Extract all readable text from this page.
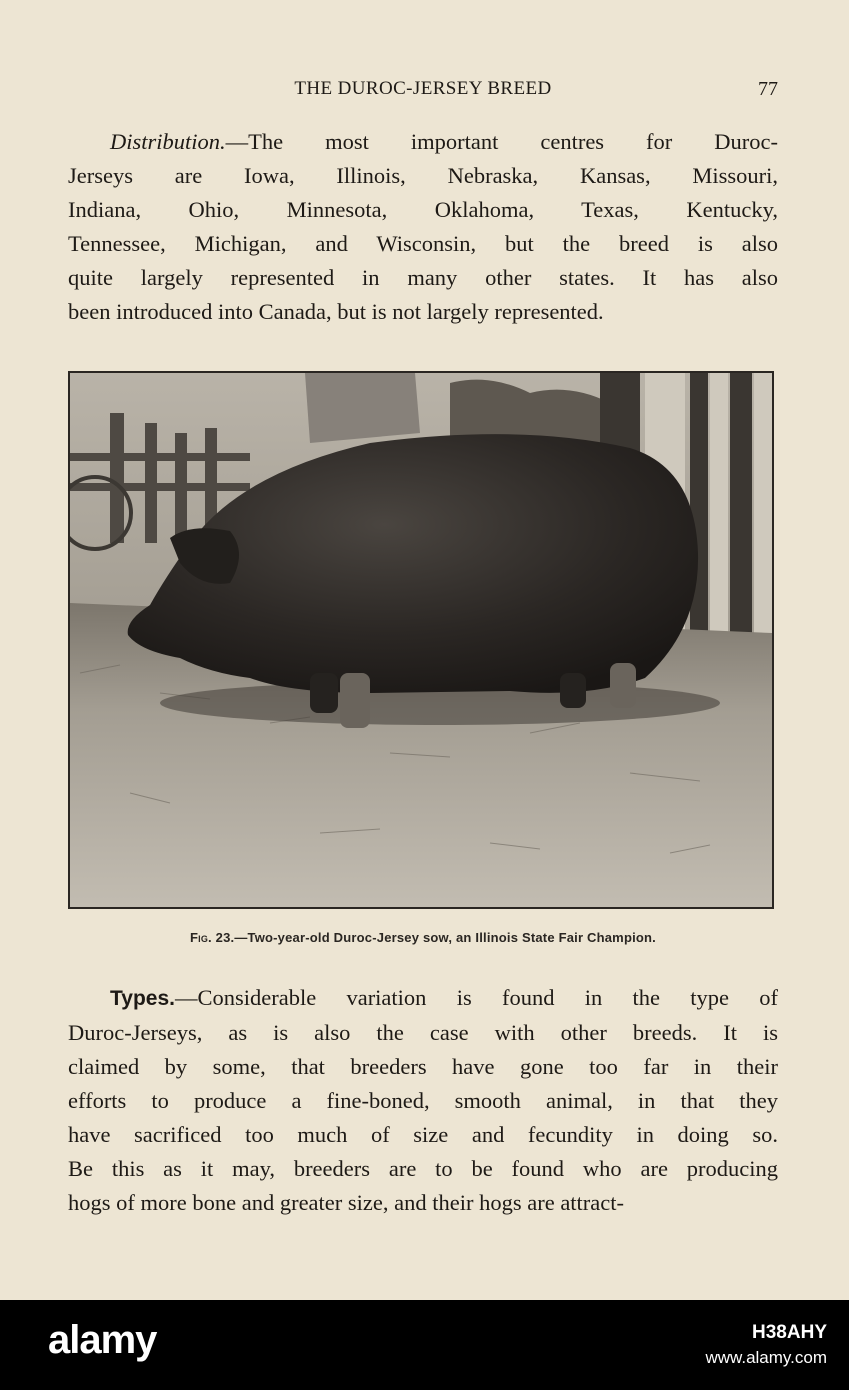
THE DUROC-JERSEY BREED	77
Distribution.—The most important centres for Duroc-
Jerseys are Iowa, Illinois, Nebraska, Kansas, Missouri,
Indiana, Ohio, Minnesota, Oklahoma, Texas, Kentucky,
Tennessee, Michigan, and Wisconsin, but the breed is also
quite largely represented in many other states. It has also
been introduced into Canada, but is not largely represented.
Fig. 23.—Two-year-old Duroc-Jersey sow, an Illinois State Fair Champion.
Types.—Considerable variation is found in the type of
Duroc-Jerseys, as is also the case with other breeds. It is
claimed by some, that breeders have gone too far in their
efforts to produce a fine-boned, smooth animal, in that they
have sacrificed too much of size and fecundity in doing so.
Be this as it may, breeders are to be found who are producing
hogs of more bone and greater size, and their hogs are attract-
alamy	H38AHY
www.alamy.com
